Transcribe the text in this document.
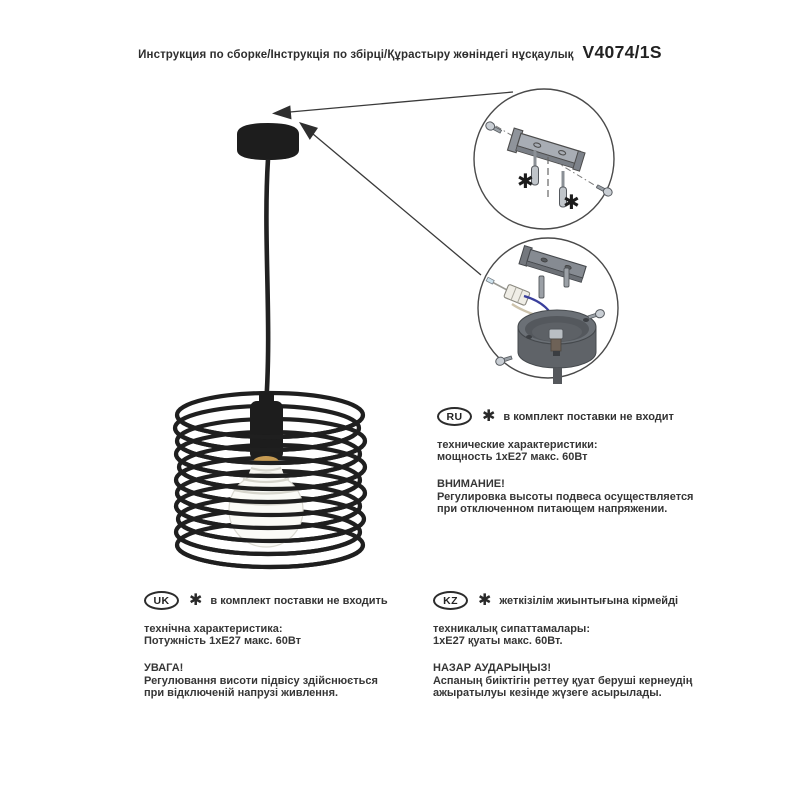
Инструкция по сборке/Інструкція по збірці/Құрастыру жөніндегі нұсқаулық V4074/1S
✱
✱
RU	✱ в комплект поставки не входит
технические характеристики:
мощность 1хЕ27 макс. 60Вт
ВНИМАНИЕ!
Регулировка высоты подвеса осуществляется
при отключенном питающем напряжении.
UK	✱ в комплект поставки не входить
технічна характеристика:
Потужність 1хЕ27 макс. 60Вт
УВАГА!
Регулювання висоти підвісу здійснюється
при відключеній напрузі живлення.
KZ	✱ жеткізілім жиынтығына кірмейді
техникалық сипаттамалары:
1хЕ27 қуаты макс. 60Вт.
НАЗАР АУДАРЫҢЫЗ!
Аспаның биіктігін реттеу қуат беруші кернеудің
ажыратылуы кезінде жүзеге асырылады.
